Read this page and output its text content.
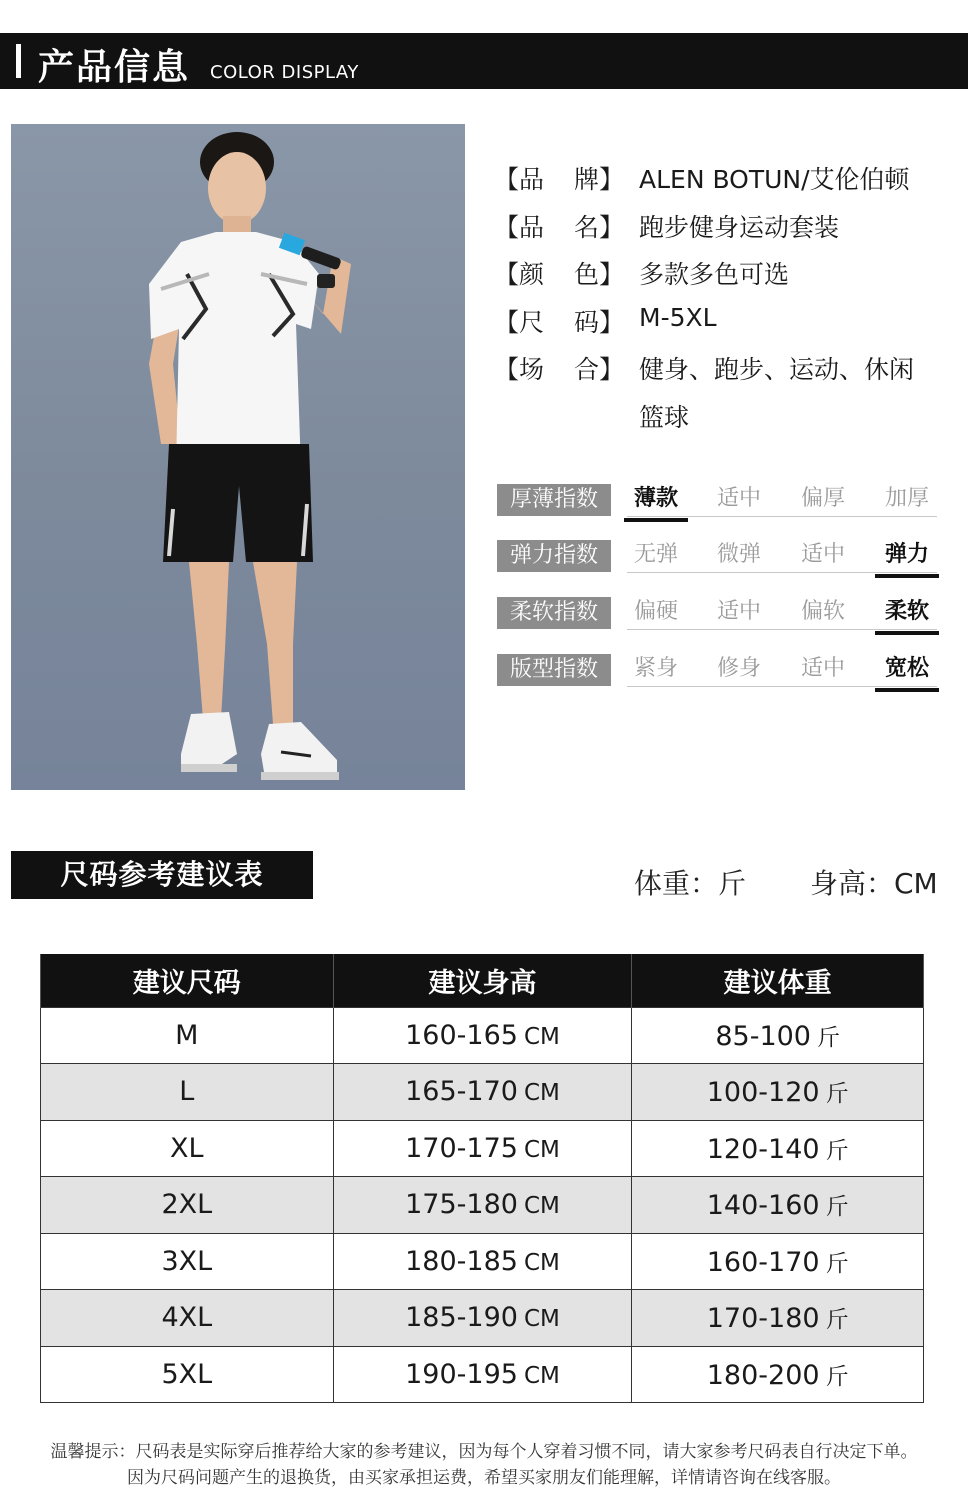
产品信息 COLOR DISPLAY
【品 牌】 ALEN BOTUN/艾伦伯顿
【品 名】 跑步健身运动套装
【颜 色】 多款多色可选
【尺 码】 M-5XL
【场 合】 健身、跑步、运动、休闲
篮球
厚薄指数	薄款	适中	偏厚	加厚
弹力指数	无弹	微弹	适中	弹力
柔软指数	偏硬	适中	偏软	柔软
版型指数	紧身	修身	适中	宽松
尺码参考建议表	体重：斤 身高：CM
建议尺码	建议身高	建议体重
M	160-165 CM	85-100 斤
L	165-170 CM	100-120 斤
XL	170-175 CM	120-140 斤
2XL	175-180 CM	140-160 斤
3XL	180-185 CM	160-170 斤
4XL	185-190 CM	170-180 斤
5XL	190-195 CM	180-200 斤
温馨提示：尺码表是实际穿后推荐给大家的参考建议，因为每个人穿着习惯不同，请大家参考尺码表自行决定下单。
因为尺码问题产生的退换货，由买家承担运费，希望买家朋友们能理解，详情请咨询在线客服。
